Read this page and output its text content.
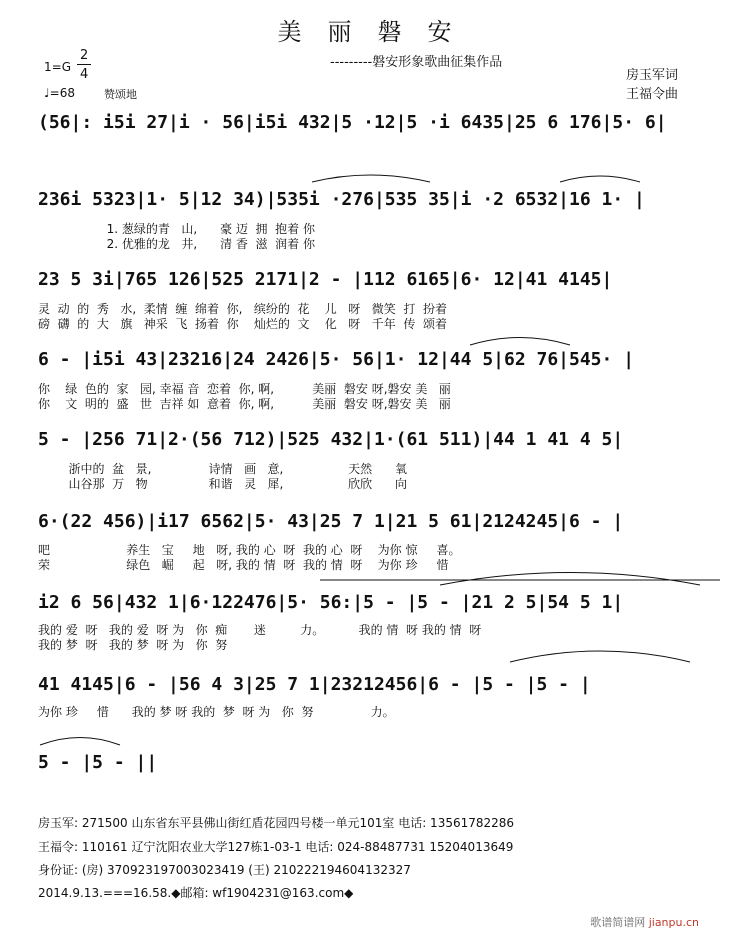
美丽磐安
---------磐安形象歌曲征集作品
房玉军词
王福令曲
1=G
2
4
♩=68	赞颂地
(56|: i5i 27|i · 56|i5i 432|5 ·12|5 ·i 6435|25 6 176|5· 6|
236i 5323|1· 5|12 34)|535i ·276|535 35|i ·2 6532|16 1· |
1. 葱绿的青   山,      豪 迈  拥  抱着 你
2. 优雅的龙   井,      清 香  滋  润着 你
23 5 3i|765 126|525 2171|2 - |112 6165|6· 12|41 4145|
灵  动  的  秀   水,  柔情  缠  绵着  你,   缤纷的  花    儿   呀   微笑  打  扮着
磅  礴  的  大   旗   神采  飞  扬着  你    灿烂的  文    化   呀   千年  传  颂着
6 - |i5i 43|23216|24 2426|5· 56|1· 12|44 5|62 76|545· |
你    绿  色的  家   园, 幸福 音  恋着  你, 啊,          美丽  磐安 呀,磐安 美   丽
你    文  明的  盛   世  吉祥 如  意着  你, 啊,          美丽  磐安 呀,磐安 美   丽
5 - |256 71|2·(56 712)|525 432|1·(61 511)|44 1 41 4 5|
浙中的  盆   景,               诗情   画   意,                 天然      氧
山谷那  万   物                和谐   灵   犀,                 欣欣      向
6·(22 456)|i17 6562|5· 43|25 7 1|21 5 61|2124245|6 - |
吧                    养生   宝     地   呀, 我的 心  呀  我的 心  呀    为你 惊     喜。
荣                    绿色   崛     起   呀, 我的 情  呀  我的 情  呀    为你 珍     惜
i2 6 56|432 1|6·122476|5· 56:|5 - |5 - |21 2 5|54 5 1|
我的 爱  呀   我的 爱  呀 为   你  痴       迷         力。         我的 情  呀 我的 情  呀
我的 梦  呀   我的 梦  呀 为   你  努
41 4145|6 - |56 4 3|25 7 1|23212456|6 - |5 - |5 - |
为你 珍     惜      我的 梦 呀 我的  梦  呀 为   你  努               力。
5 - |5 - ||
房玉军: 271500 山东省东平县佛山街红盾花园四号楼一单元101室 电话: 13561782286
王福令: 110161 辽宁沈阳农业大学127栋1-03-1 电话: 024-88487731 15204013649
身份证: (房) 370923197003023419 (王) 210222194604132327
2014.9.13.===16.58.◆邮箱: wf1904231@163.com◆
歌谱简谱网 jianpu.cn
